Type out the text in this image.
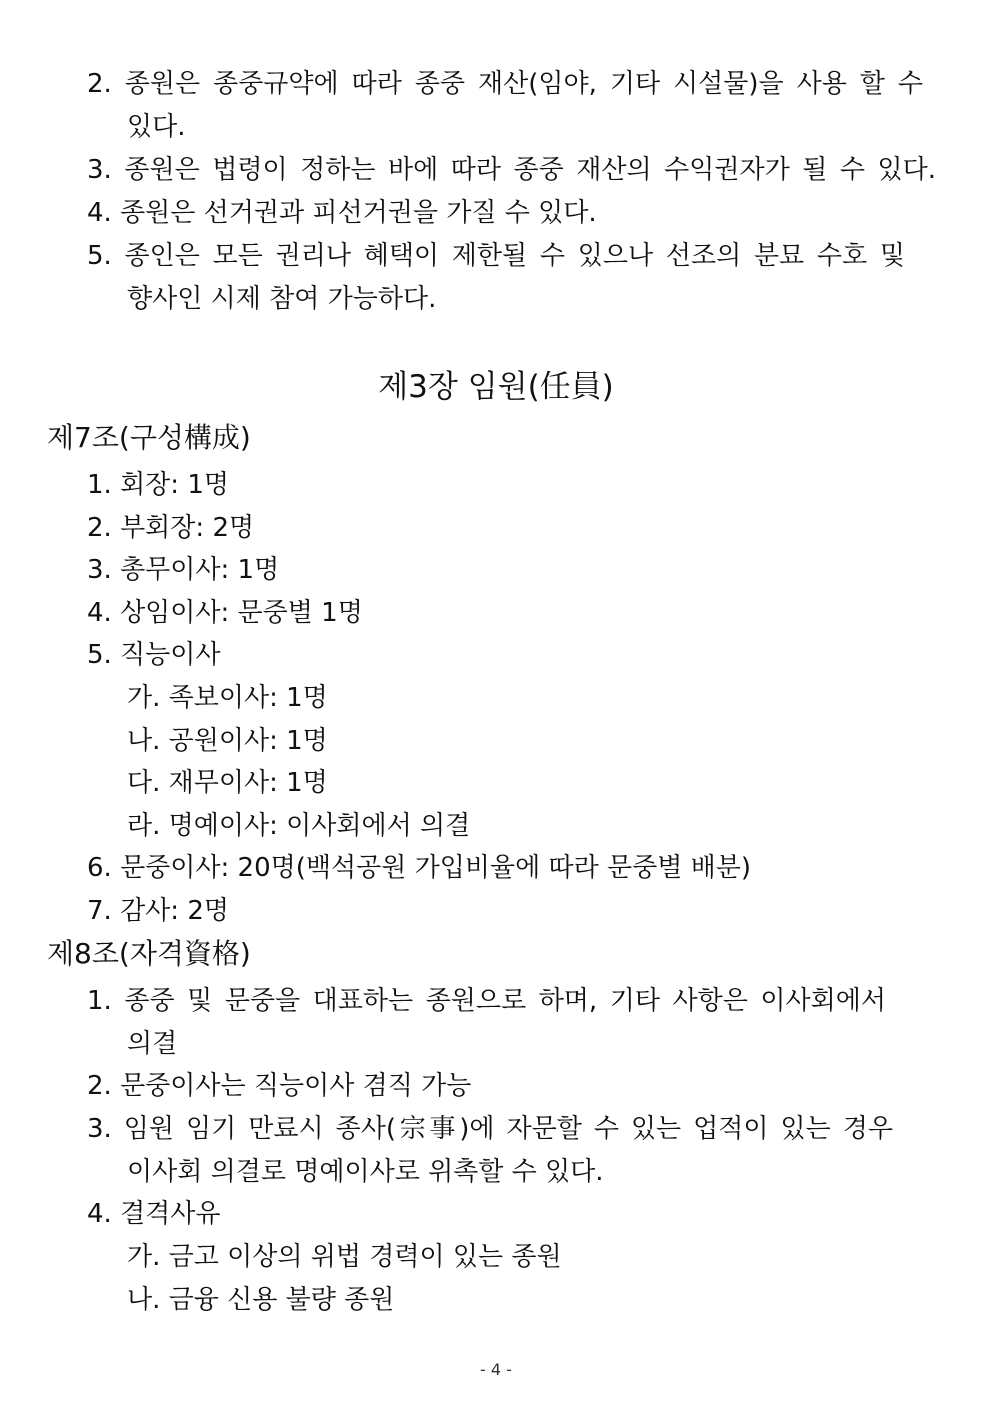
2. 종원은 종중규약에 따라 종중 재산(임야, 기타 시설물)을 사용 할 수
있다.
3. 종원은 법령이 정하는 바에 따라 종중 재산의 수익권자가 될 수 있다.
4. 종원은 선거권과 피선거권을 가질 수 있다.
5. 종인은 모든 권리나 혜택이 제한될 수 있으나 선조의 분묘 수호 및
향사인 시제 참여 가능하다.
제3장 임원(任員)
제7조(구성構成)
1. 회장: 1명
2. 부회장: 2명
3. 총무이사: 1명
4. 상임이사: 문중별 1명
5. 직능이사
가. 족보이사: 1명
나. 공원이사: 1명
다. 재무이사: 1명
라. 명예이사: 이사회에서 의결
6. 문중이사: 20명(백석공원 가입비율에 따라 문중별 배분)
7. 감사: 2명
제8조(자격資格)
1. 종중 및 문중을 대표하는 종원으로 하며, 기타 사항은 이사회에서
의결
2. 문중이사는 직능이사 겸직 가능
3. 임원 임기 만료시 종사(宗事)에 자문할 수 있는 업적이 있는 경우
이사회 의결로 명예이사로 위촉할 수 있다.
4. 결격사유
가. 금고 이상의 위법 경력이 있는 종원
나. 금융 신용 불량 종원
- 4 -
